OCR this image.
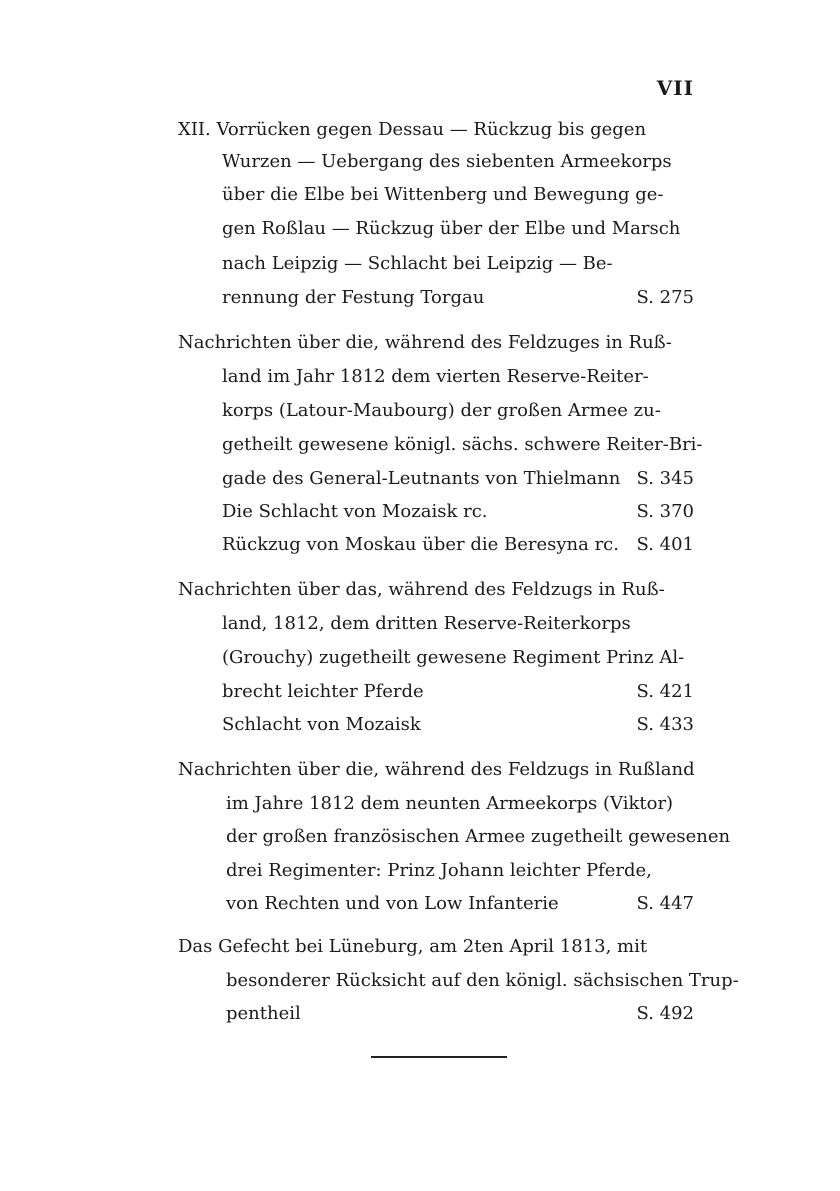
VII
XII. Vorrücken gegen Dessau — Rückzug bis gegen
Wurzen — Uebergang des siebenten Armeekorps
über die Elbe bei Wittenberg und Bewegung ge-
gen Roßlau — Rückzug über der Elbe und Marsch
nach Leipzig — Schlacht bei Leipzig — Be-
rennung der Festung Torgau	S. 275
Nachrichten über die, während des Feldzuges in Ruß-
land im Jahr 1812 dem vierten Reserve-Reiter-
korps (Latour-Maubourg) der großen Armee zu-
getheilt gewesene königl. sächs. schwere Reiter-Bri-
gade des General-Leutnants von Thielmann S. 345
Die Schlacht von Mozaisk rc.	S. 370
Rückzug von Moskau über die Beresyna rc. S. 401
Nachrichten über das, während des Feldzugs in Ruß-
land, 1812, dem dritten Reserve-Reiterkorps
(Grouchy) zugetheilt gewesene Regiment Prinz Al-
brecht leichter Pferde	S. 421
Schlacht von Mozaisk	S. 433
Nachrichten über die, während des Feldzugs in Rußland
im Jahre 1812 dem neunten Armeekorps (Viktor)
der großen französischen Armee zugetheilt gewesenen
drei Regimenter: Prinz Johann leichter Pferde,
von Rechten und von Low Infanterie	S. 447
Das Gefecht bei Lüneburg, am 2ten April 1813, mit
besonderer Rücksicht auf den königl. sächsischen Trup-
pentheil	S. 492
